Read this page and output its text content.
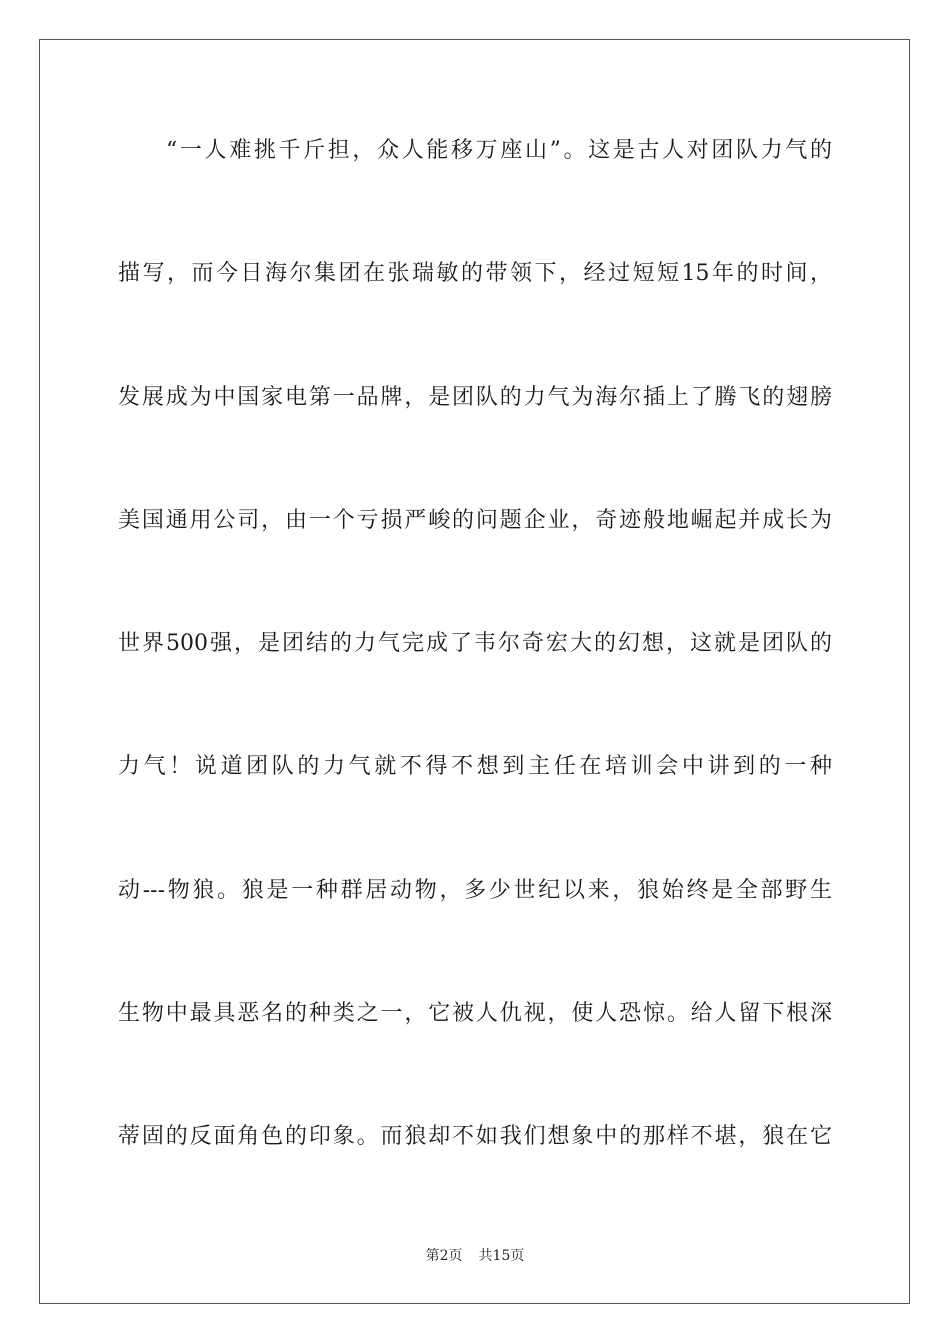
“一人难挑千斤担，众人能移万座山”。这是古人对团队力气的
描写，而今日海尔集团在张瑞敏的带领下，经过短短15年的时间，
发展成为中国家电第一品牌，是团队的力气为海尔插上了腾飞的翅膀
美国通用公司，由一个亏损严峻的问题企业，奇迹般地崛起并成长为
世界500强，是团结的力气完成了韦尔奇宏大的幻想，这就是团队的
力气！说道团队的力气就不得不想到主任在培训会中讲到的一种
动---物狼。狼是一种群居动物，多少世纪以来，狼始终是全部野生
生物中最具恶名的种类之一，它被人仇视，使人恐惊。给人留下根深
蒂固的反面角色的印象。而狼却不如我们想象中的那样不堪，狼在它
第2页 共15页
